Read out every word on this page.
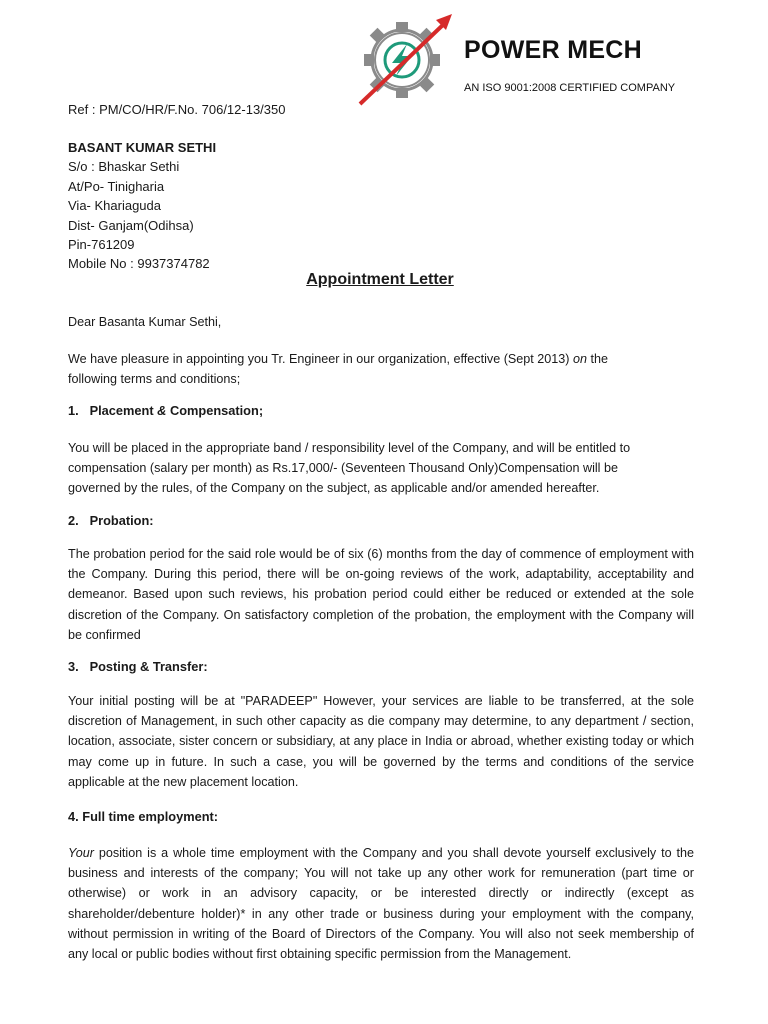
POWER MECH
AN ISO 9001:2008 CERTIFIED COMPANY
Ref : PM/CO/HR/F.No. 706/12-13/350
BASANT KUMAR SETHI
S/o : Bhaskar Sethi
At/Po- Tinigharia
Via- Khariaguda
Dist- Ganjam(Odihsa)
Pin-761209
Mobile No : 9937374782
Appointment Letter
Dear Basanta Kumar Sethi,
We have pleasure in appointing you Tr. Engineer in our organization, effective (Sept 2013) on the following terms and conditions;
1. Placement & Compensation;
You will be placed in the appropriate band / responsibility level of the Company, and will be entitled to compensation (salary per month) as Rs.17,000/- (Seventeen Thousand Only)Compensation will be governed by the rules, of the Company on the subject, as applicable and/or amended hereafter.
2. Probation:
The probation period for the said role would be of six (6) months from the day of commence of employment with the Company. During this period, there will be on-going reviews of the work, adaptability, acceptability and demeanor. Based upon such reviews, his probation period could either be reduced or extended at the sole discretion of the Company. On satisfactory completion of the probation, the employment with the Company will be confirmed
3. Posting & Transfer:
Your initial posting will be at "PARADEEP" However, your services are liable to be transferred, at the sole discretion of Management, in such other capacity as die company may determine, to any department / section, location, associate, sister concern or subsidiary, at any place in India or abroad, whether existing today or which may come up in future. In such a case, you will be governed by the terms and conditions of the service applicable at the new placement location.
4. Full time employment:
Your position is a whole time employment with the Company and you shall devote yourself exclusively to the business and interests of the company; You will not take up any other work for remuneration (part time or otherwise) or work in an advisory capacity, or be interested directly or indirectly (except as shareholder/debenture holder)* in any other trade or business during your employment with the company, without permission in writing of the Board of Directors of the Company. You will also not seek membership of any local or public bodies without first obtaining specific permission from the Management.
